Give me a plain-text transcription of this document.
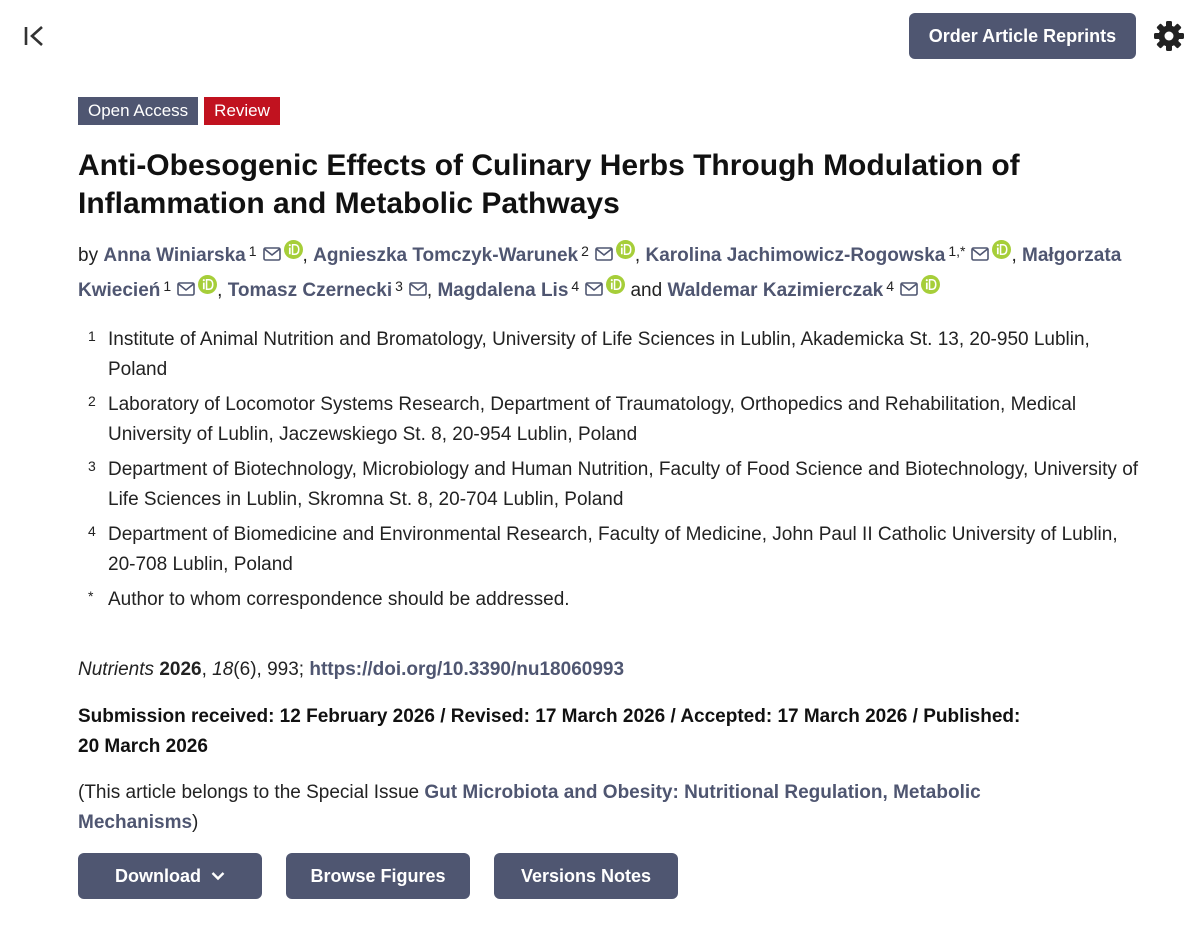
Order Article Reprints
Open Access	Review
Anti-Obesogenic Effects of Culinary Herbs Through Modulation of Inflammation and Metabolic Pathways
by Anna Winiarska $^1$ , Agnieszka Tomczyk-Warunek $^2$ , Karolina Jachimowicz-Rogowska $^{1,*}$ , Małgorzata Kwiecień $^1$ , Tomasz Czernecki $^3$ , Magdalena Lis $^4$	and Waldemar Kazimierczak $^4$
1 Institute of Animal Nutrition and Bromatology, University of Life Sciences in Lublin, Akademicka St. 13, 20-950 Lublin, Poland
2 Laboratory of Locomotor Systems Research, Department of Traumatology, Orthopedics and Rehabilitation, Medical University of Lublin, Jaczewskiego St. 8, 20-954 Lublin, Poland
3 Department of Biotechnology, Microbiology and Human Nutrition, Faculty of Food Science and Biotechnology, University of Life Sciences in Lublin, Skromna St. 8, 20-704 Lublin, Poland
4 Department of Biomedicine and Environmental Research, Faculty of Medicine, John Paul II Catholic University of Lublin, 20-708 Lublin, Poland
* Author to whom correspondence should be addressed.
Nutrients 2026, 18(6), 993; https://doi.org/10.3390/nu18060993
Submission received: 12 February 2026 / Revised: 17 March 2026 / Accepted: 17 March 2026 / Published: 20 March 2026
(This article belongs to the Special Issue Gut Microbiota and Obesity: Nutritional Regulation, Metabolic Mechanisms)
Download	Browse Figures	Versions Notes
